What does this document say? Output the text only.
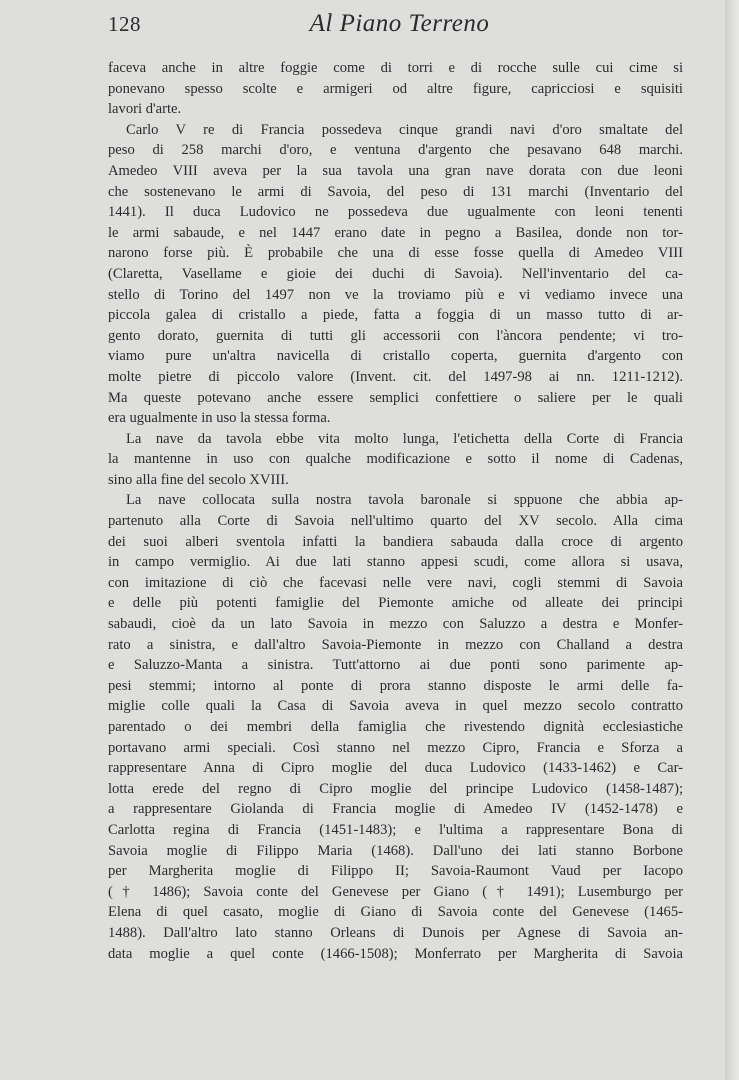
128	Al Piano Terreno
faceva anche in altre foggie come di torri e di rocche sulle cui cime si
ponevano spesso scolte e armigeri od altre figure, capricciosi e squisiti
lavori d'arte.
Carlo V re di Francia possedeva cinque grandi navi d'oro smaltate del
peso di 258 marchi d'oro, e ventuna d'argento che pesavano 648 marchi.
Amedeo VIII aveva per la sua tavola una gran nave dorata con due leoni
che sostenevano le armi di Savoia, del peso di 131 marchi (Inventario del
1441). Il duca Ludovico ne possedeva due ugualmente con leoni tenenti
le armi sabaude, e nel 1447 erano date in pegno a Basilea, donde non tor-
narono forse più. È probabile che una di esse fosse quella di Amedeo VIII
(Claretta, Vasellame e gioie dei duchi di Savoia). Nell'inventario del ca-
stello di Torino del 1497 non ve la troviamo più e vi vediamo invece una
piccola galea di cristallo a piede, fatta a foggia di un masso tutto di ar-
gento dorato, guernita di tutti gli accessorii con l'àncora pendente; vi tro-
viamo pure un'altra navicella di cristallo coperta, guernita d'argento con
molte pietre di piccolo valore (Invent. cit. del 1497-98 ai nn. 1211-1212).
Ma queste potevano anche essere semplici confettiere o saliere per le quali
era ugualmente in uso la stessa forma.
La nave da tavola ebbe vita molto lunga, l'etichetta della Corte di Francia
la mantenne in uso con qualche modificazione e sotto il nome di Cadenas,
sino alla fine del secolo XVIII.
La nave collocata sulla nostra tavola baronale si sppuone che abbia ap-
partenuto alla Corte di Savoia nell'ultimo quarto del XV secolo. Alla cima
dei suoi alberi sventola infatti la bandiera sabauda dalla croce di argento
in campo vermiglio. Ai due lati stanno appesi scudi, come allora si usava,
con imitazione di ciò che facevasi nelle vere navi, cogli stemmi di Savoia
e delle più potenti famiglie del Piemonte amiche od alleate dei principi
sabaudi, cioè da un lato Savoia in mezzo con Saluzzo a destra e Monfer-
rato a sinistra, e dall'altro Savoia-Piemonte in mezzo con Challand a destra
e Saluzzo-Manta a sinistra. Tutt'attorno ai due ponti sono parimente ap-
pesi stemmi; intorno al ponte di prora stanno disposte le armi delle fa-
miglie colle quali la Casa di Savoia aveva in quel mezzo secolo contratto
parentado o dei membri della famiglia che rivestendo dignità ecclesiastiche
portavano armi speciali. Così stanno nel mezzo Cipro, Francia e Sforza a
rappresentare Anna di Cipro moglie del duca Ludovico (1433-1462) e Car-
lotta erede del regno di Cipro moglie del principe Ludovico (1458-1487);
a rappresentare Giolanda di Francia moglie di Amedeo IV (1452-1478) e
Carlotta regina di Francia (1451-1483); e l'ultima a rappresentare Bona di
Savoia moglie di Filippo Maria (1468). Dall'uno dei lati stanno Borbone
per Margherita moglie di Filippo II; Savoia-Raumont Vaud per Iacopo
(† 1486); Savoia conte del Genevese per Giano († 1491); Lusemburgo per
Elena di quel casato, moglie di Giano di Savoia conte del Genevese (1465-
1488). Dall'altro lato stanno Orleans di Dunois per Agnese di Savoia an-
data moglie a quel conte (1466-1508); Monferrato per Margherita di Savoia
